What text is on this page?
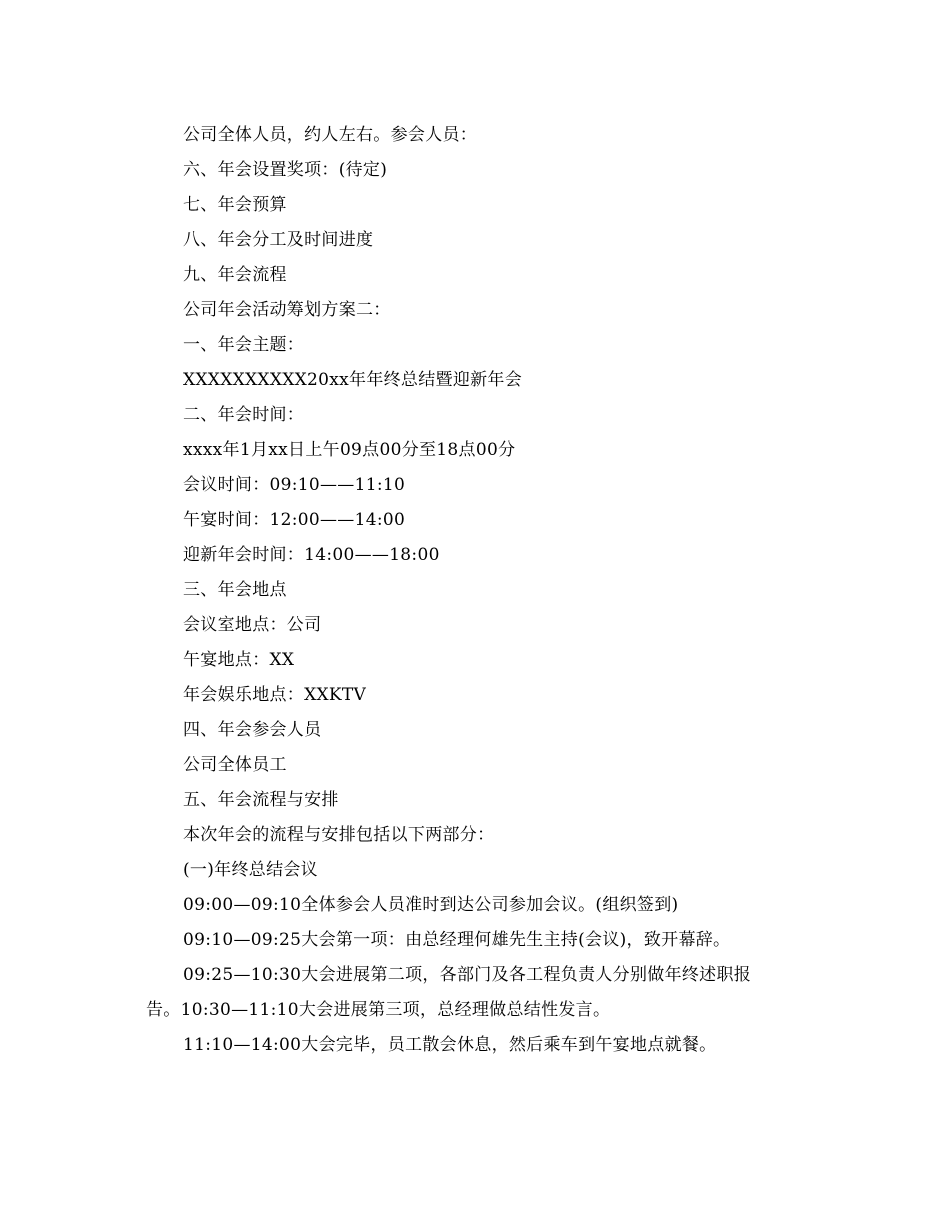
公司全体人员，约人左右。参会人员：
六、年会设置奖项：(待定)
七、年会预算
八、年会分工及时间进度
九、年会流程
公司年会活动筹划方案二：
一、年会主题：
XXXXXXXXXX20xx年年终总结暨迎新年会
二、年会时间：
xxxx年1月xx日上午09点00分至18点00分
会议时间：09:10——11:10
午宴时间：12:00——14:00
迎新年会时间：14:00——18:00
三、年会地点
会议室地点：公司
午宴地点：XX
年会娱乐地点：XXKTV
四、年会参会人员
公司全体员工
五、年会流程与安排
本次年会的流程与安排包括以下两部分：
(一)年终总结会议
09:00—09:10全体参会人员准时到达公司参加会议。(组织签到)
09:10—09:25大会第一项：由总经理何雄先生主持(会议)，致开幕辞。
09:25—10:30大会进展第二项，各部门及各工程负责人分别做年终述职报
告。10:30—11:10大会进展第三项，总经理做总结性发言。
11:10—14:00大会完毕，员工散会休息，然后乘车到午宴地点就餐。
